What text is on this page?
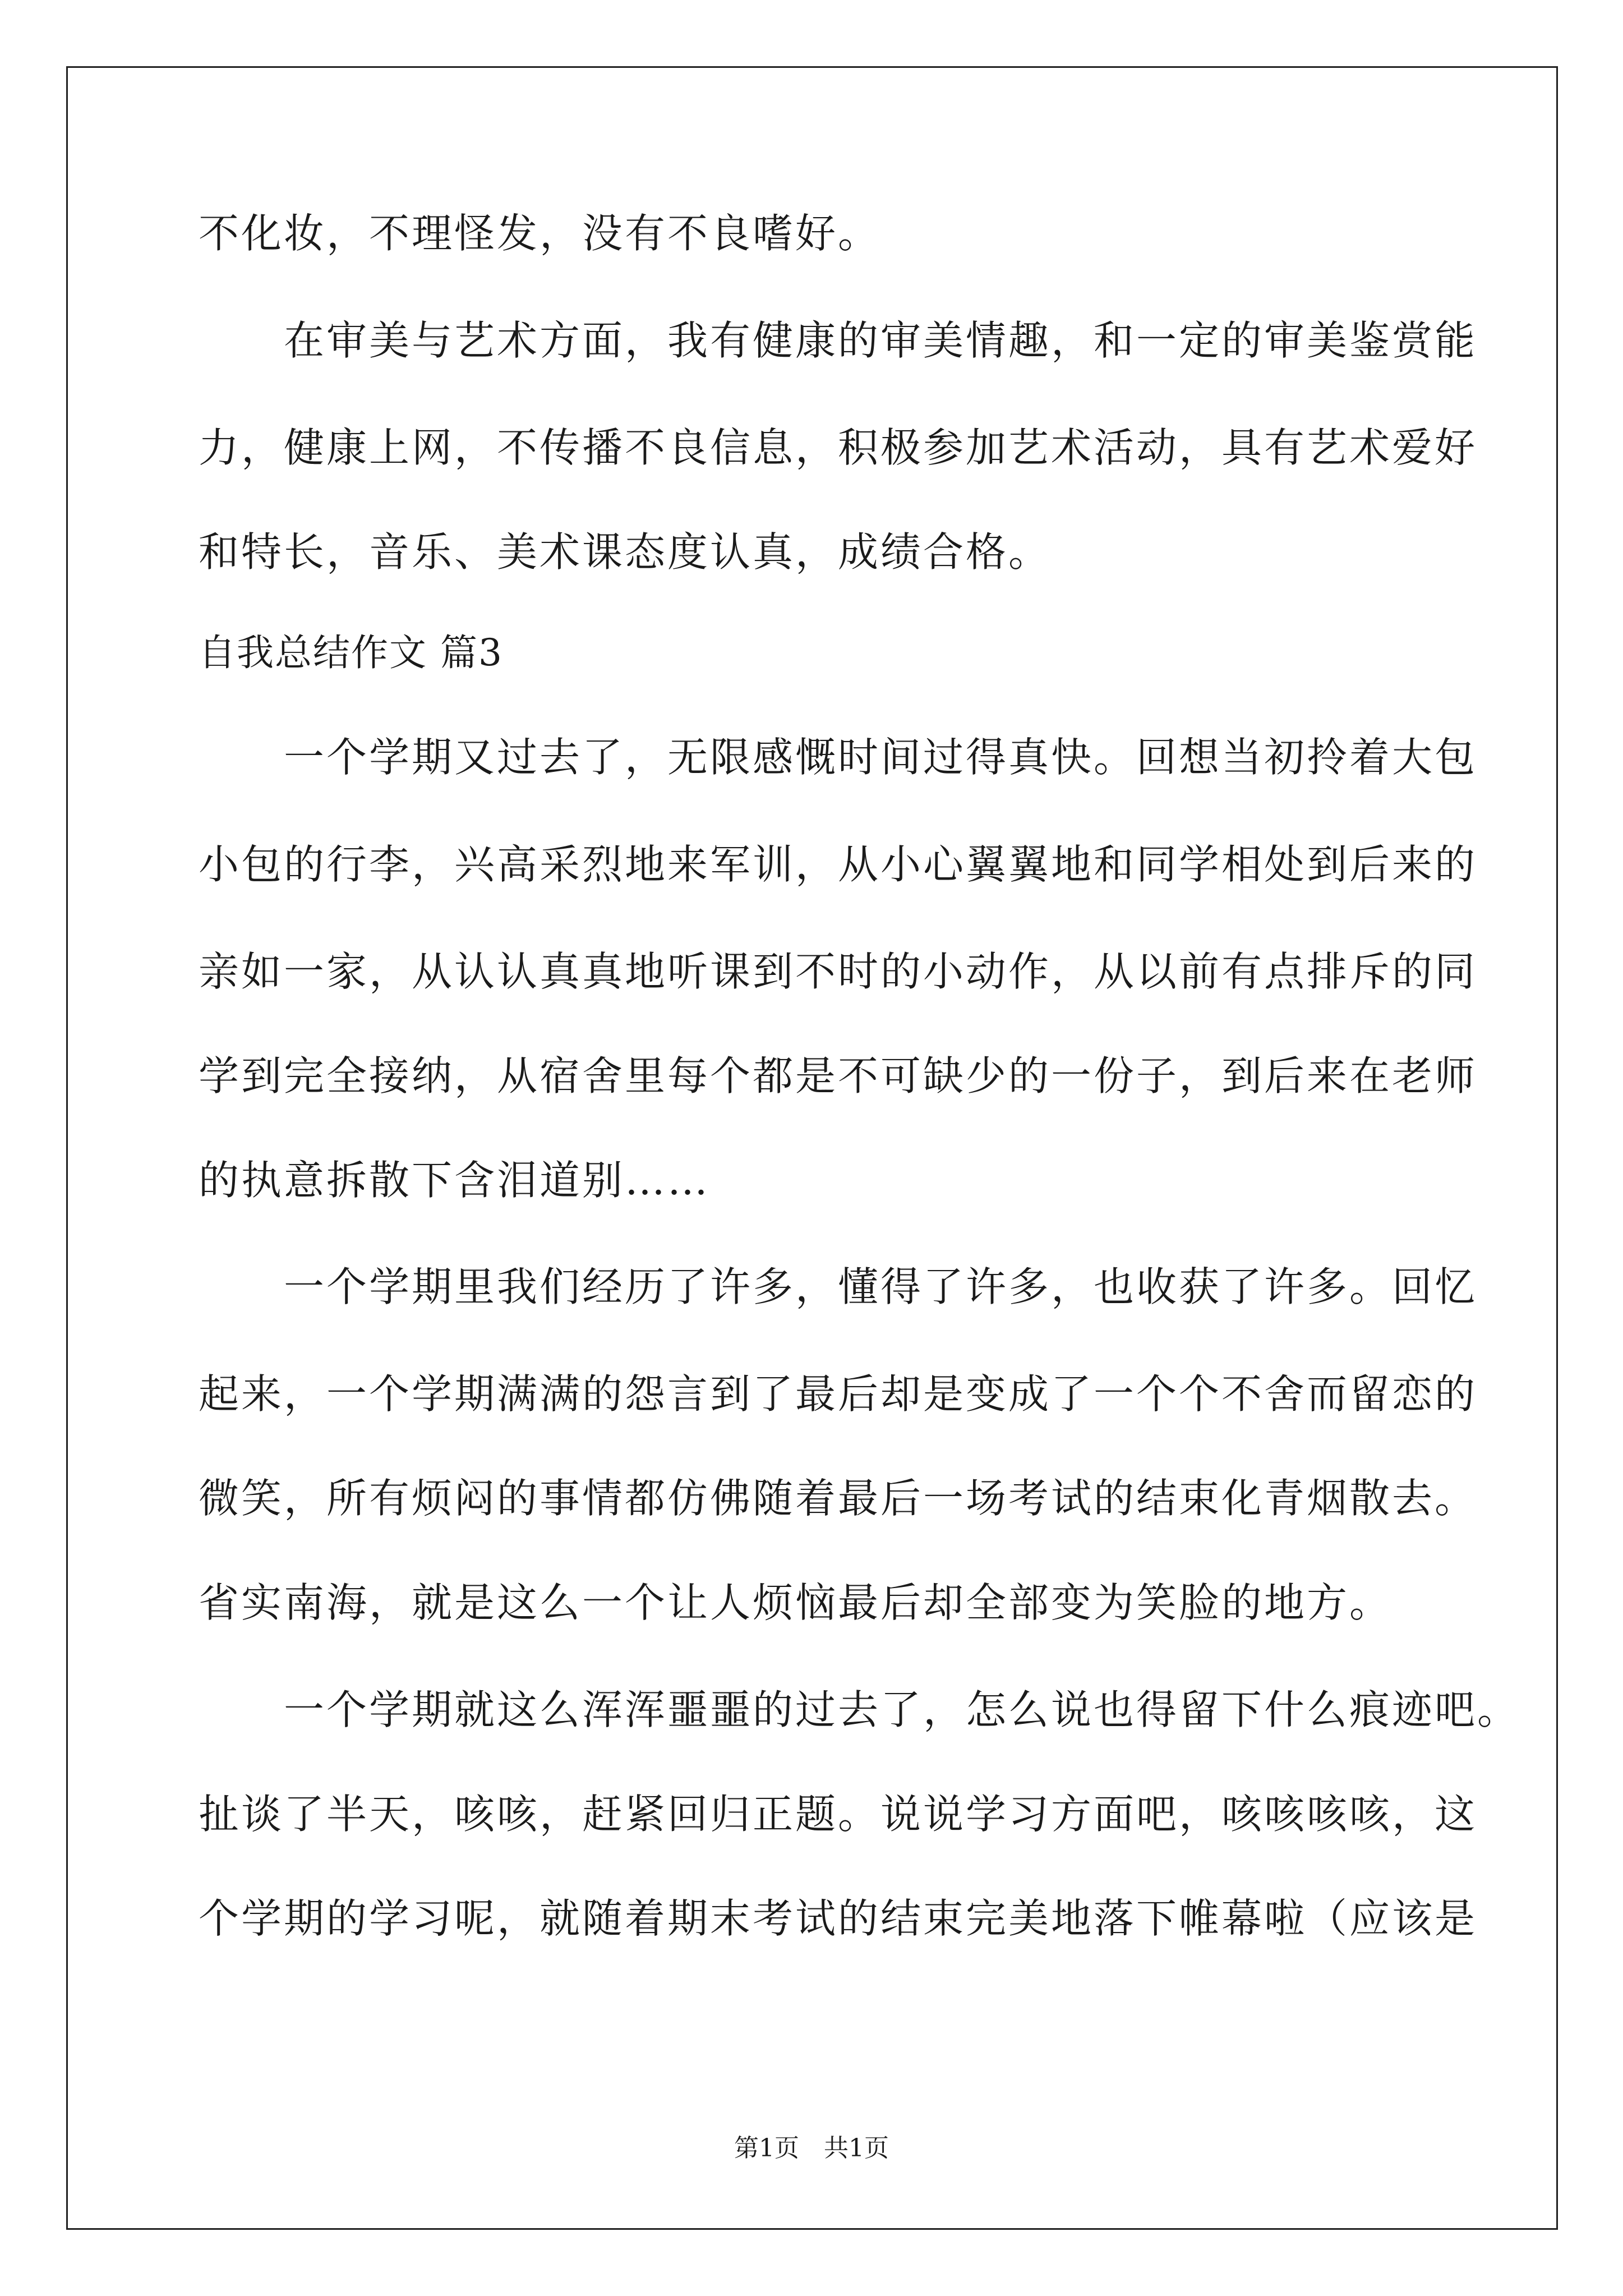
不化妆，不理怪发，没有不良嗜好。

　　在审美与艺术方面，我有健康的审美情趣，和一定的审美鉴赏能

力，健康上网，不传播不良信息，积极参加艺术活动，具有艺术爱好

和特长，音乐、美术课态度认真，成绩合格。

自我总结作文 篇3

　　一个学期又过去了，无限感慨时间过得真快。回想当初拎着大包

小包的行李，兴高采烈地来军训，从小心翼翼地和同学相处到后来的

亲如一家，从认认真真地听课到不时的小动作，从以前有点排斥的同

学到完全接纳，从宿舍里每个都是不可缺少的一份子，到后来在老师

的执意拆散下含泪道别……

　　一个学期里我们经历了许多，懂得了许多，也收获了许多。回忆

起来，一个学期满满的怨言到了最后却是变成了一个个不舍而留恋的

微笑，所有烦闷的事情都仿佛随着最后一场考试的结束化青烟散去。

省实南海，就是这么一个让人烦恼最后却全部变为笑脸的地方。

　　一个学期就这么浑浑噩噩的过去了，怎么说也得留下什么痕迹吧。

扯谈了半天，咳咳，赶紧回归正题。说说学习方面吧，咳咳咳咳，这

个学期的学习呢，就随着期末考试的结束完美地落下帷幕啦（应该是

第1页　共1页
